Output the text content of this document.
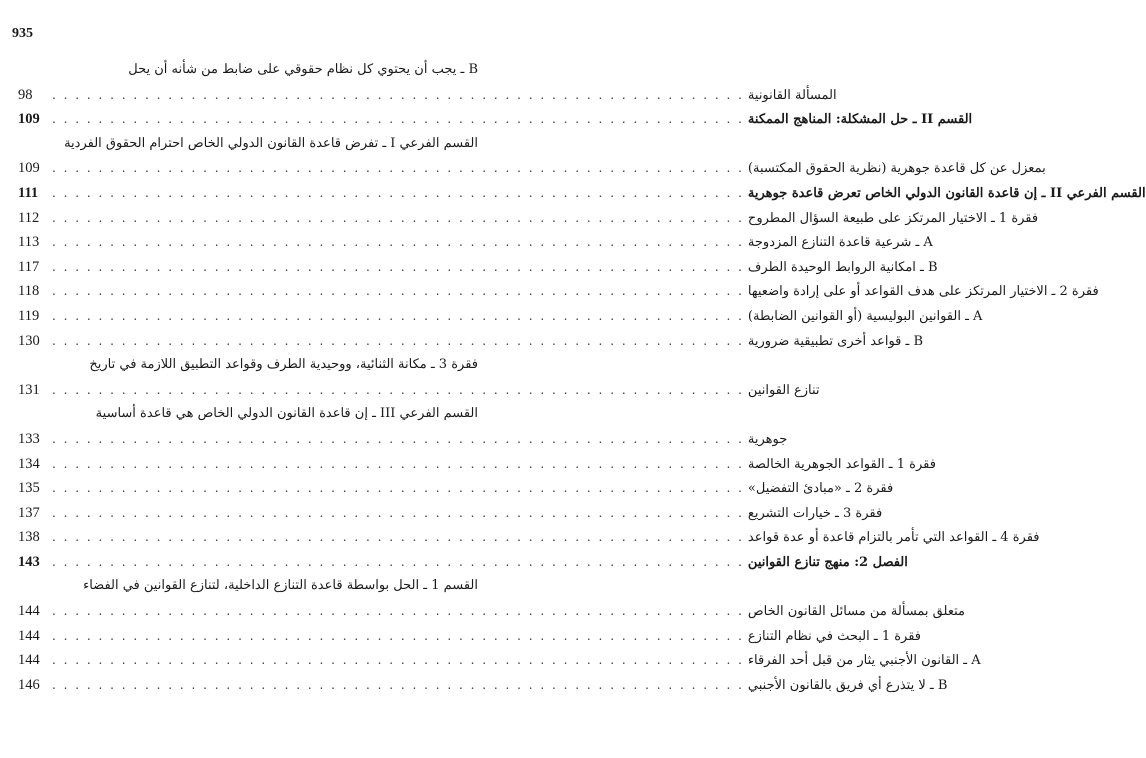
935
B ـ يجب أن يحتوي كل نظام حقوقي على ضابط من شأنه أن يحل
98	. . . . . . . . . . . . . . . . . . . . . . . . . . . . . . . . . . . . . . . . . . . . . . . . . . . . . . . . . . . . المسألة القانونية
109	. . . . . . . . . . . . . . . . . . . . . . . . . . . . . . . . . . . . . . . . . . . . . . . . . . . . . . . . . . . . القسم II ـ حل المشكلة: المناهج الممكنة
القسم الفرعي I ـ تفرض قاعدة القانون الدولي الخاص احترام الحقوق الفردية
109	. . . . . . . . . . . . . . . . . . . . . . . . . . . . . . . . . . . . . . . . . . . . . . . . . . . . . . . . . . . . بمعزل عن كل قاعدة جوهرية (نظرية الحقوق المكتسبة)
111	. . . . . . . . . . . . . . . . . . . . . . . . . . . . . . . . . . . . . . . . . . . . . . . . . . . . . . . . . . . . القسم الفرعي II ـ إن قاعدة القانون الدولي الخاص تعرض قاعدة جوهرية
112	. . . . . . . . . . . . . . . . . . . . . . . . . . . . . . . . . . . . . . . . . . . . . . . . . . . . . . . . . . . . فقرة 1 ـ الاختيار المرتكز على طبيعة السؤال المطروح
113	. . . . . . . . . . . . . . . . . . . . . . . . . . . . . . . . . . . . . . . . . . . . . . . . . . . . . . . . . . . . A ـ شرعية قاعدة التنازع المزدوجة
117	. . . . . . . . . . . . . . . . . . . . . . . . . . . . . . . . . . . . . . . . . . . . . . . . . . . . . . . . . . . . B ـ امكانية الروابط الوحيدة الطرف
118	. . . . . . . . . . . . . . . . . . . . . . . . . . . . . . . . . . . . . . . . . . . . . . . . . . . . . . . . . . . . فقرة 2 ـ الاختيار المرتكز على هدف القواعد أو على إرادة واضعيها
119	. . . . . . . . . . . . . . . . . . . . . . . . . . . . . . . . . . . . . . . . . . . . . . . . . . . . . . . . . . . . A ـ القوانين البوليسية (أو القوانين الضابطة)
130	. . . . . . . . . . . . . . . . . . . . . . . . . . . . . . . . . . . . . . . . . . . . . . . . . . . . . . . . . . . . B ـ قواعد أخرى تطبيقية ضرورية
فقرة 3 ـ مكانة الثنائية، ووحيدية الطرف وقواعد التطبيق اللازمة في تاريخ
131	. . . . . . . . . . . . . . . . . . . . . . . . . . . . . . . . . . . . . . . . . . . . . . . . . . . . . . . . . . . . تنازع القوانين
القسم الفرعي III ـ إن قاعدة القانون الدولي الخاص هي قاعدة أساسية
133	. . . . . . . . . . . . . . . . . . . . . . . . . . . . . . . . . . . . . . . . . . . . . . . . . . . . . . . . . . . . جوهرية
134	. . . . . . . . . . . . . . . . . . . . . . . . . . . . . . . . . . . . . . . . . . . . . . . . . . . . . . . . . . . . فقرة 1 ـ القواعد الجوهرية الخالصة
135	. . . . . . . . . . . . . . . . . . . . . . . . . . . . . . . . . . . . . . . . . . . . . . . . . . . . . . . . . . . . فقرة 2 ـ «مبادئ التفضيل»
137	. . . . . . . . . . . . . . . . . . . . . . . . . . . . . . . . . . . . . . . . . . . . . . . . . . . . . . . . . . . . فقرة 3 ـ خيارات التشريع
138	. . . . . . . . . . . . . . . . . . . . . . . . . . . . . . . . . . . . . . . . . . . . . . . . . . . . . . . . . . . . فقرة 4 ـ القواعد التي تأمر بالتزام قاعدة أو عدة قواعد
143	. . . . . . . . . . . . . . . . . . . . . . . . . . . . . . . . . . . . . . . . . . . . . . . . . . . . . . . . . . . . الفصل 2: منهج تنازع القوانين
القسم 1 ـ الحل بواسطة قاعدة التنازع الداخلية، لتنازع القوانين في الفضاء
144	. . . . . . . . . . . . . . . . . . . . . . . . . . . . . . . . . . . . . . . . . . . . . . . . . . . . . . . . . . . . متعلق بمسألة من مسائل القانون الخاص
144	. . . . . . . . . . . . . . . . . . . . . . . . . . . . . . . . . . . . . . . . . . . . . . . . . . . . . . . . . . . . فقرة 1 ـ البحث في نظام التنازع
144	. . . . . . . . . . . . . . . . . . . . . . . . . . . . . . . . . . . . . . . . . . . . . . . . . . . . . . . . . . . . A ـ القانون الأجنبي يثار من قبل أحد الفرقاء
146	. . . . . . . . . . . . . . . . . . . . . . . . . . . . . . . . . . . . . . . . . . . . . . . . . . . . . . . . . . . . B ـ لا يتذرع أي فريق بالقانون الأجنبي
